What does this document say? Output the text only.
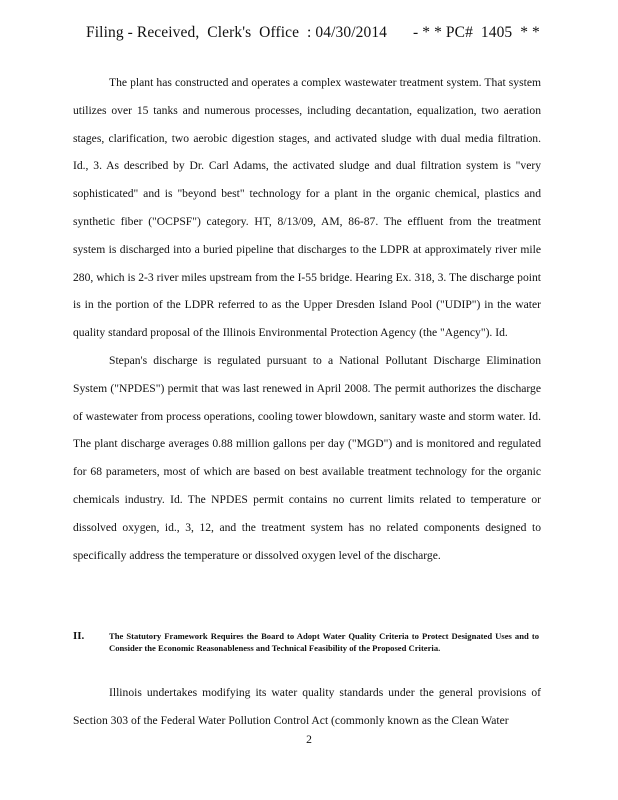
Filing - Received,  Clerk's  Office  : 04/30/2014 - * * PC#  1405  * *

The plant has constructed and operates a complex wastewater treatment system. That system utilizes over 15 tanks and numerous processes, including decantation, equalization, two aeration stages, clarification, two aerobic digestion stages, and activated sludge with dual media filtration. Id., 3. As described by Dr. Carl Adams, the activated sludge and dual filtration system is "very sophisticated" and is "beyond best" technology for a plant in the organic chemical, plastics and synthetic fiber ("OCPSF") category. HT, 8/13/09, AM, 86-87. The effluent from the treatment system is discharged into a buried pipeline that discharges to the LDPR at approximately river mile 280, which is 2-3 river miles upstream from the I-55 bridge. Hearing Ex. 318, 3. The discharge point is in the portion of the LDPR referred to as the Upper Dresden Island Pool ("UDIP") in the water quality standard proposal of the Illinois Environmental Protection Agency (the "Agency"). Id.

Stepan's discharge is regulated pursuant to a National Pollutant Discharge Elimination System ("NPDES") permit that was last renewed in April 2008. The permit authorizes the discharge of wastewater from process operations, cooling tower blowdown, sanitary waste and storm water. Id. The plant discharge averages 0.88 million gallons per day ("MGD") and is monitored and regulated for 68 parameters, most of which are based on best available treatment technology for the organic chemicals industry. Id. The NPDES permit contains no current limits related to temperature or dissolved oxygen, id., 3, 12, and the treatment system has no related components designed to specifically address the temperature or dissolved oxygen level of the discharge.

II.	The Statutory Framework Requires the Board to Adopt Water Quality Criteria to Protect Designated Uses and to Consider the Economic Reasonableness and Technical Feasibility of the Proposed Criteria.

Illinois undertakes modifying its water quality standards under the general provisions of Section 303 of the Federal Water Pollution Control Act (commonly known as the Clean Water

2
